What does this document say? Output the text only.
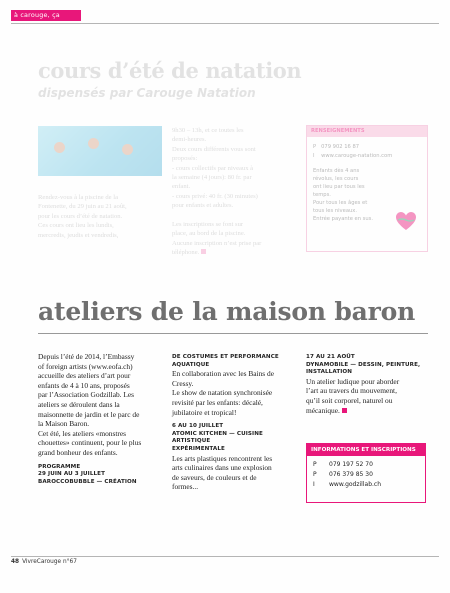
à carouge, ça bouge
cours d’été de natation
dispensés par Carouge Natation

Rendez-vous à la piscine de la

Fontenette, du 29 juin au 21 août,

pour les cours d’été de natation.

Ces cours ont lieu les lundis,

mercredis, jeudis et vendredis,

9h30 – 13h, et ce toutes les

demi-heures.

Deux cours différents vous sont

proposés:

- cours collectifs par niveaux à

la semaine (4 jours): 80 fr. par

enfant.

- cours privé: 40 fr. (30 minutes)

pour enfants et adultes.

Les inscriptions se font sur

place, au bord de la piscine.

Aucune inscription n’est prise par

téléphone.

RENSEIGNEMENTS
P 079 902 16 87
I www.carouge-natation.com
Enfants dès 4 ans révolus, les cours
ont lieu par tous les temps.
Pour tous les âges et
tous les niveaux.
Entrée payante en sus.
ateliers de la maison baron

Depuis l’été de 2014, l’Embassy

of foreign artists (www.eofa.ch)

accueille des ateliers d’art pour

enfants de 4 à 10 ans, proposés

par l’Association Godzillab. Les

ateliers se déroulent dans la

maisonnette de jardin et le parc de

la Maison Baron.

Cet été, les ateliers «monstres

chouettes» continuent, pour le plus

grand bonheur des enfants.

PROGRAMME

29 JUIN AU 3 JUILLET

BAROCCOBUBBLE — CRÉATION

DE COSTUMES ET PERFORMANCE

AQUATIQUE

En collaboration avec les Bains de

Cressy.

Le show de natation synchronisée

revisité par les enfants: décalé,

jubilatoire et tropical!

6 AU 10 JUILLET

ATOMIC KITCHEN — CUISINE ARTISTIQUE

EXPÉRIMENTALE

Les arts plastiques rencontrent les

arts culinaires dans une explosion

de saveurs, de couleurs et de

formes...

17 AU 21 AOÛT

DYNAMOBILE — DESSIN, PEINTURE,

INSTALLATION

Un atelier ludique pour aborder

l’art au travers du mouvement,

qu’il soit corporel, naturel ou

mécanique.

INFORMATIONS ET INSCRIPTIONS
P 079 197 52 70
P 076 379 85 30
I www.godzillab.ch
48 VivreCarouge n°67
